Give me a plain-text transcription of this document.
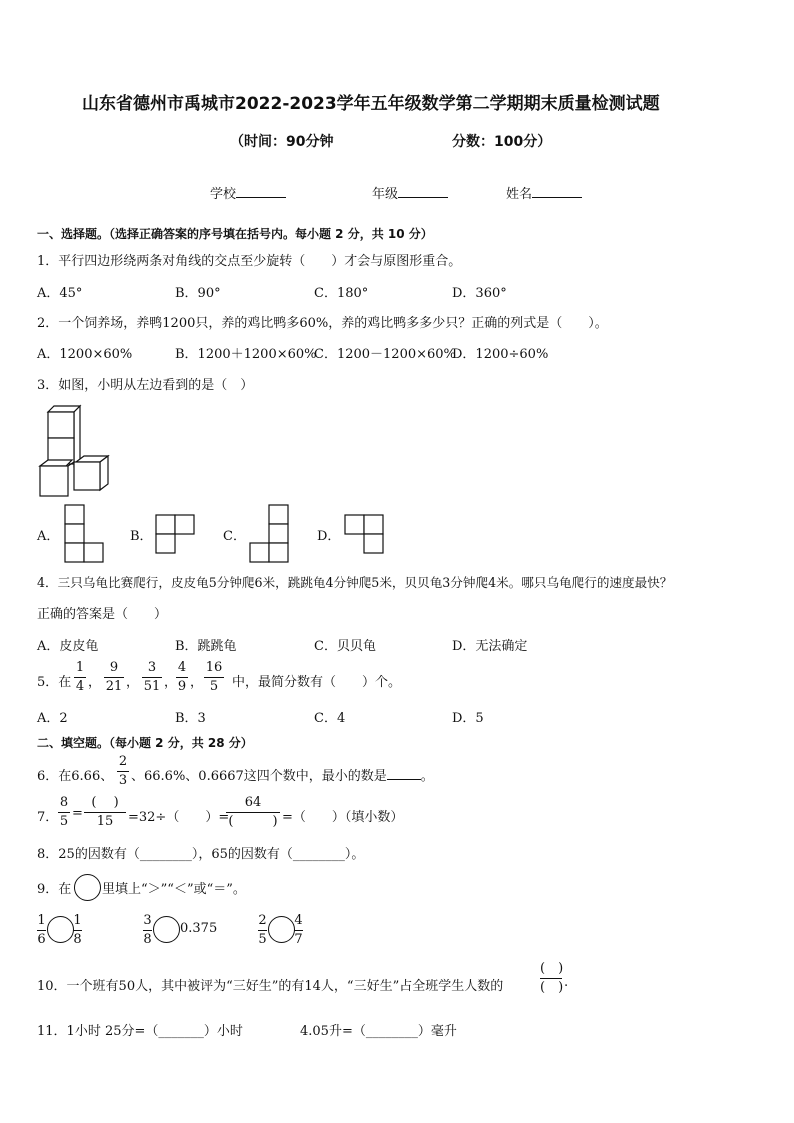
山东省德州市禹城市2022-2023学年五年级数学第二学期期末质量检测试题
（时间：90分钟	分数：100分）
学校	年级	姓名
一、选择题。（选择正确答案的序号填在括号内。每小题 2 分，共 10 分）
1．平行四边形绕两条对角线的交点至少旋转（　　）才会与原图形重合。
A．45°	B．90°	C．180°	D．360°
2．一个饲养场，养鸭1200只，养的鸡比鸭多60%，养的鸡比鸭多多少只？正确的列式是（　　）。
A．1200×60%	B．1200＋1200×60%
C．1200－1200×60%
D．1200÷60%
3．如图，小明从左边看到的是（　）
A．	B．	C．	D．
4．三只乌龟比赛爬行，皮皮龟5分钟爬6米，跳跳龟4分钟爬5米，贝贝龟3分钟爬4米。哪只乌龟爬行的速度最快？
正确的答案是（　　）
A．皮皮龟	B．跳跳龟	C．贝贝龟	D．无法确定
5．在
1
4 ，
9
21 ，
3
51 ，
4
9 ，
16
5	中，最简分数有（　　）个。
A．2	B．3	C．4	D．5
二、填空题。（每小题 2 分，共 28 分）
6．在6.66、
2
3 、66.6%、0.6667这四个数中，最小的数是	。
7．
8
5
=
(　 )
15	=32÷（　　）=
64
(　　　) =（　　）（填小数）
8．25的因数有（________），65的因数有（________）。
9．在 里填上“＞”“＜”或“＝”。
1
6
1
8
3
8
0.375
2
5
4
7
10．一个班有50人，其中被评为“三好生”的有14人，“三好生”占全班学生人数的
(　)
(　) .
11．1小时 25分=（_______）小时	4.05升=（________）毫升
